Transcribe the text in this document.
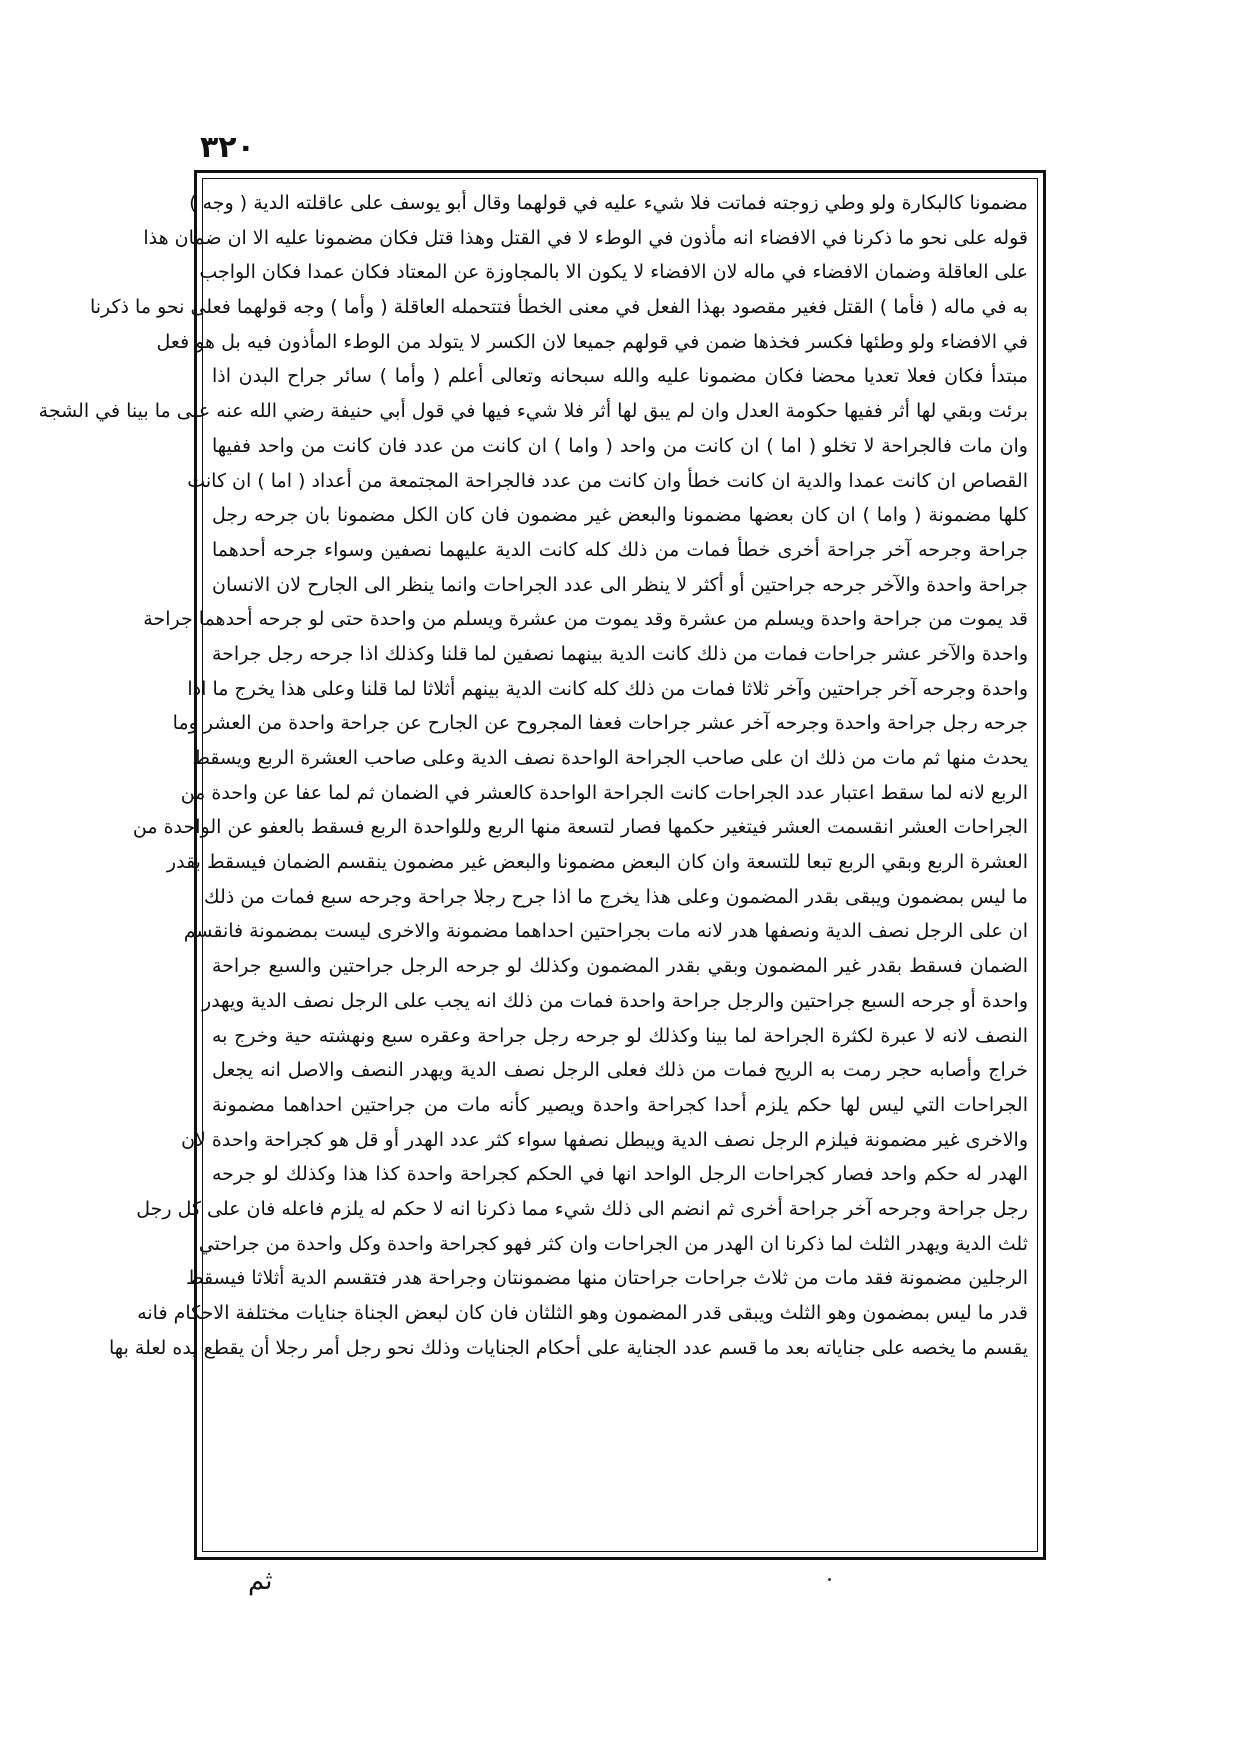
٣٢٠
مضمونا كالبكارة ولو وطي زوجته فماتت فلا شيء عليه في قولهما وقال أبو يوسف على عاقلته الدية ( وجه )
قوله على نحو ما ذكرنا في الافضاء انه مأذون في الوطء لا في القتل وهذا قتل فكان مضمونا عليه الا ان ضمان هذا
على العاقلة وضمان الافضاء في ماله لان الافضاء لا يكون الا بالمجاوزة عن المعتاد فكان عمدا فكان الواجب
به في ماله ( فأما ) القتل فغير مقصود بهذا الفعل في معنى الخطأ فتتحمله العاقلة ( وأما ) وجه قولهما فعلى نحو ما ذكرنا
في الافضاء ولو وطئها فكسر فخذها ضمن في قولهم جميعا لان الكسر لا يتولد من الوطء المأذون فيه بل هو فعل
مبتدأ فكان فعلا تعديا محضا فكان مضمونا عليه والله سبحانه وتعالى أعلم ( وأما ) سائر جراح البدن اذا
برئت وبقي لها أثر ففيها حكومة العدل وان لم يبق لها أثر فلا شيء فيها في قول أبي حنيفة رضي الله عنه على ما بينا في الشجة
وان مات فالجراحة لا تخلو ( اما ) ان كانت من واحد ( واما ) ان كانت من عدد فان كانت من واحد ففيها
القصاص ان كانت عمدا والدية ان كانت خطأ وان كانت من عدد فالجراحة المجتمعة من أعداد ( اما ) ان كانت
كلها مضمونة ( واما ) ان كان بعضها مضمونا والبعض غير مضمون فان كان الكل مضمونا بان جرحه رجل
جراحة وجرحه آخر جراحة أخرى خطأ فمات من ذلك كله كانت الدية عليهما نصفين وسواء جرحه أحدهما
جراحة واحدة والآخر جرحه جراحتين أو أكثر لا ينظر الى عدد الجراحات وانما ينظر الى الجارح لان الانسان
قد يموت من جراحة واحدة ويسلم من عشرة وقد يموت من عشرة ويسلم من واحدة حتى لو جرحه أحدهما جراحة
واحدة والآخر عشر جراحات فمات من ذلك كانت الدية بينهما نصفين لما قلنا وكذلك اذا جرحه رجل جراحة
واحدة وجرحه آخر جراحتين وآخر ثلاثا فمات من ذلك كله كانت الدية بينهم أثلاثا لما قلنا وعلى هذا يخرج ما اذا
جرحه رجل جراحة واحدة وجرحه آخر عشر جراحات فعفا المجروح عن الجارح عن جراحة واحدة من العشر وما
يحدث منها ثم مات من ذلك ان على صاحب الجراحة الواحدة نصف الدية وعلى صاحب العشرة الربع ويسقط
الربع لانه لما سقط اعتبار عدد الجراحات كانت الجراحة الواحدة كالعشر في الضمان ثم لما عفا عن واحدة من
الجراحات العشر انقسمت العشر فيتغير حكمها فصار لتسعة منها الربع وللواحدة الربع فسقط بالعفو عن الواحدة من
العشرة الربع وبقي الربع تبعا للتسعة وان كان البعض مضمونا والبعض غير مضمون ينقسم الضمان فيسقط بقدر
ما ليس بمضمون ويبقى بقدر المضمون وعلى هذا يخرج ما اذا جرح رجلا جراحة وجرحه سبع فمات من ذلك
ان على الرجل نصف الدية ونصفها هدر لانه مات بجراحتين احداهما مضمونة والاخرى ليست بمضمونة فانقسم
الضمان فسقط بقدر غير المضمون وبقي بقدر المضمون وكذلك لو جرحه الرجل جراحتين والسبع جراحة
واحدة أو جرحه السبع جراحتين والرجل جراحة واحدة فمات من ذلك انه يجب على الرجل نصف الدية ويهدر
النصف لانه لا عبرة لكثرة الجراحة لما بينا وكذلك لو جرحه رجل جراحة وعقره سبع ونهشته حية وخرج به
خراج وأصابه حجر رمت به الريح فمات من ذلك فعلى الرجل نصف الدية ويهدر النصف والاصل انه يجعل
الجراحات التي ليس لها حكم يلزم أحدا كجراحة واحدة ويصير كأنه مات من جراحتين احداهما مضمونة
والاخرى غير مضمونة فيلزم الرجل نصف الدية ويبطل نصفها سواء كثر عدد الهدر أو قل هو كجراحة واحدة لان
الهدر له حكم واحد فصار كجراحات الرجل الواحد انها في الحكم كجراحة واحدة كذا هذا وكذلك لو جرحه
رجل جراحة وجرحه آخر جراحة أخرى ثم انضم الى ذلك شيء مما ذكرنا انه لا حكم له يلزم فاعله فان على كل رجل
ثلث الدية ويهدر الثلث لما ذكرنا ان الهدر من الجراحات وان كثر فهو كجراحة واحدة وكل واحدة من جراحتي
الرجلين مضمونة فقد مات من ثلاث جراحات جراحتان منها مضمونتان وجراحة هدر فتقسم الدية أثلاثا فيسقط
قدر ما ليس بمضمون وهو الثلث ويبقى قدر المضمون وهو الثلثان فان كان لبعض الجناة جنايات مختلفة الاحكام فانه
يقسم ما يخصه على جناياته بعد ما قسم عدد الجناية على أحكام الجنايات وذلك نحو رجل أمر رجلا أن يقطع يده لعلة بها
ثم
